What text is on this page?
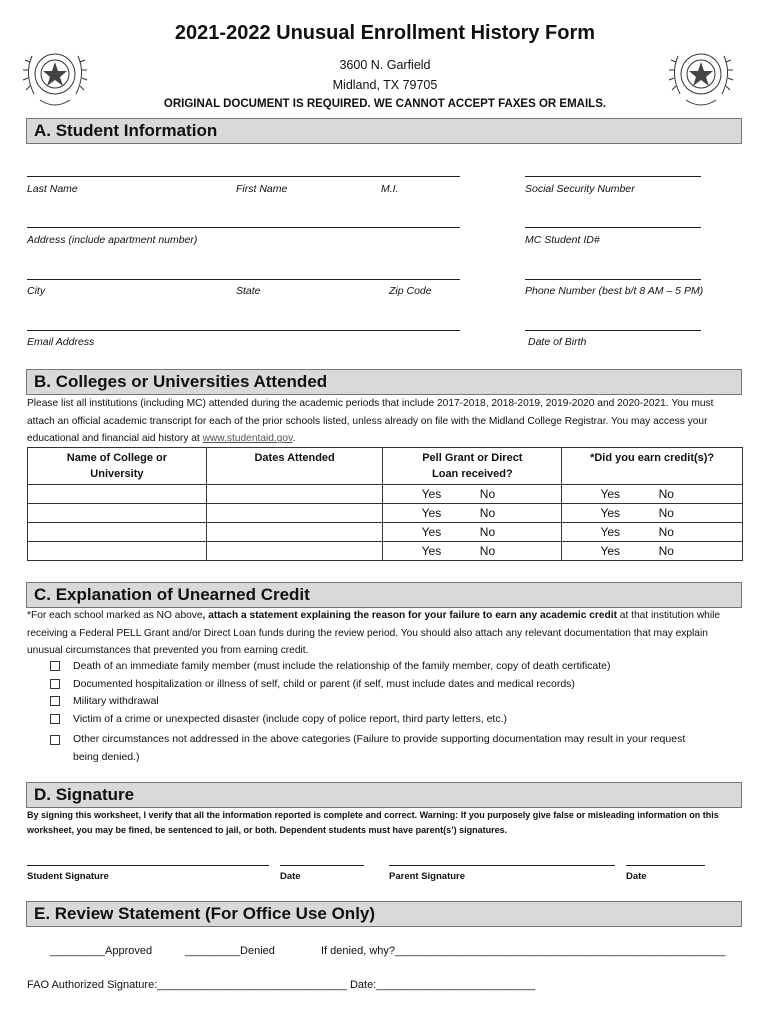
2021-2022 Unusual Enrollment History Form
3600 N. Garfield
Midland, TX 79705
ORIGINAL DOCUMENT IS REQUIRED. WE CANNOT ACCEPT FAXES OR EMAILS.
A. Student Information
Last Name	First Name	M.I.	Social Security Number
Address (include apartment number)	MC Student ID#
City	State	Zip Code	Phone Number (best b/t 8 AM – 5 PM)
Email Address	Date of Birth
B. Colleges or Universities Attended
Please list all institutions (including MC) attended during the academic periods that include 2017-2018, 2018-2019, 2019-2020 and 2020-2021. You must attach an official academic transcript for each of the prior schools listed, unless already on file with the Midland College Registrar. You may access your educational and financial aid history at www.studentaid.gov.
Name of College or University	Dates Attended	Pell Grant or Direct Loan received?	*Did you earn credit(s)?
		Yes No	Yes No
		Yes No	Yes No
		Yes No	Yes No
		Yes No	Yes No
C. Explanation of Unearned Credit
*For each school marked as NO above, attach a statement explaining the reason for your failure to earn any academic credit at that institution while receiving a Federal PELL Grant and/or Direct Loan funds during the review period. You should also attach any relevant documentation that may explain unusual circumstances that prevented you from earning credit.
Death of an immediate family member (must include the relationship of the family member, copy of death certificate)
Documented hospitalization or illness of self, child or parent (if self, must include dates and medical records)
Military withdrawal
Victim of a crime or unexpected disaster (include copy of police report, third party letters, etc.)
Other circumstances not addressed in the above categories (Failure to provide supporting documentation may result in your request being denied.)
D. Signature
By signing this worksheet, I verify that all the information reported is complete and correct. Warning: If you purposely give false or misleading information on this worksheet, you may be fined, be sentenced to jail, or both. Dependent students must have parent(s’) signatures.
Student Signature	Date	Parent Signature	Date
E. Review Statement (For Office Use Only)
_________Approved	_________Denied	If denied, why?______________________________________________________
FAO Authorized Signature:_______________________________ Date:__________________________
